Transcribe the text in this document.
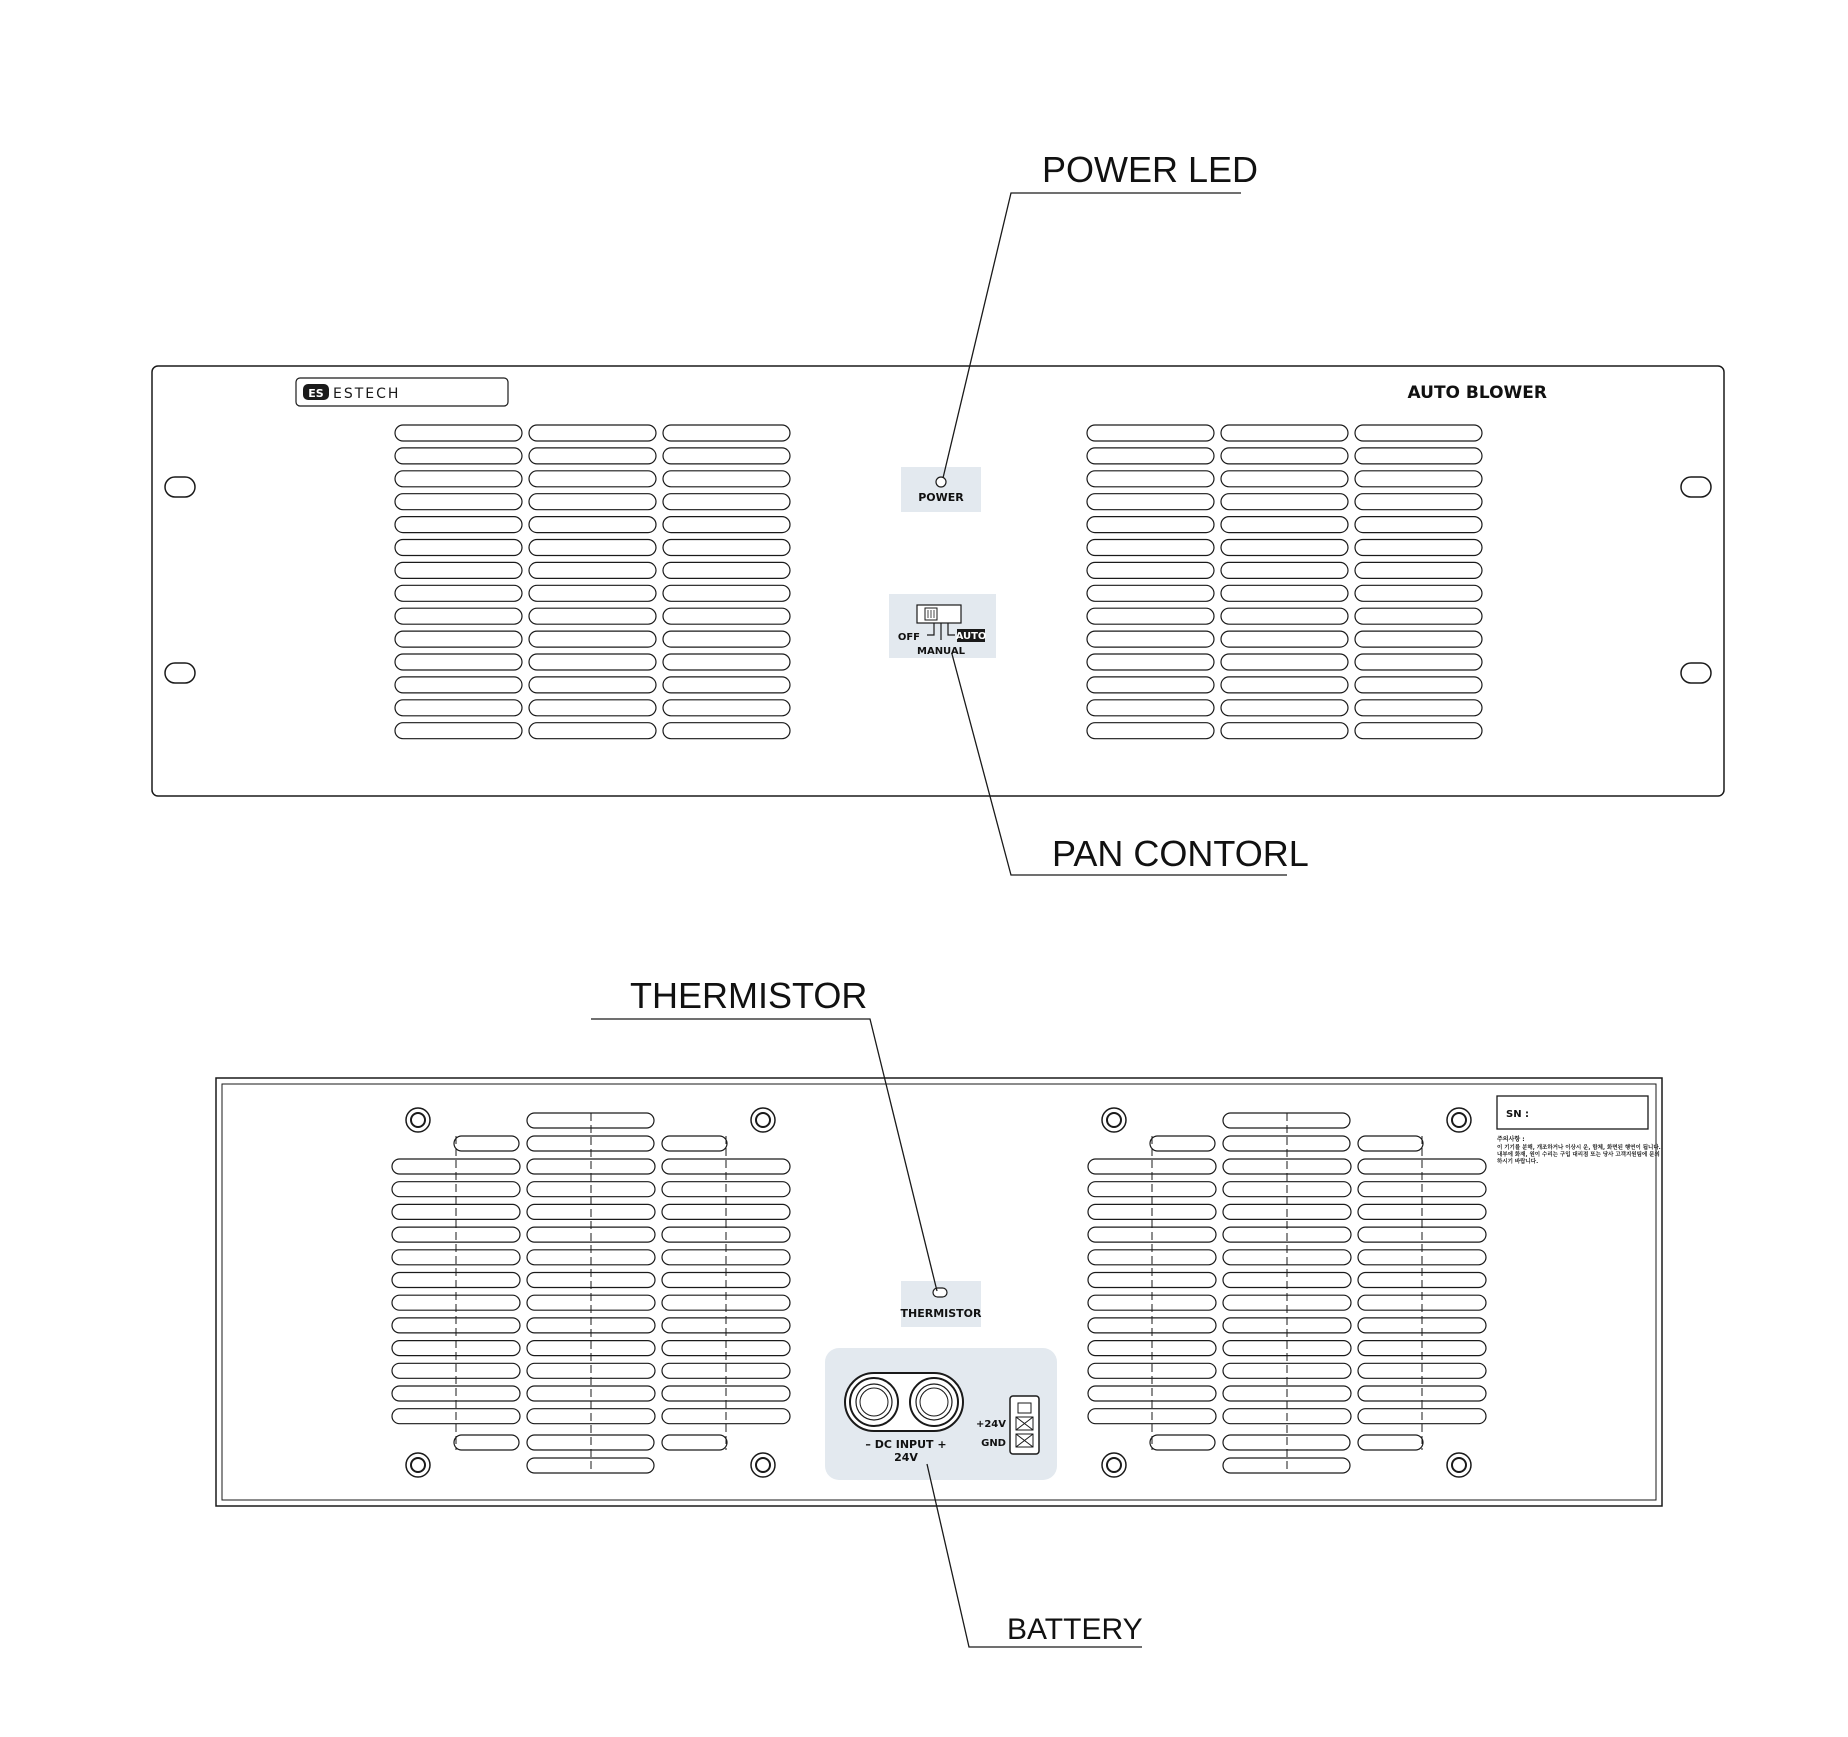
ES ESTECH	AUTO BLOWER
POWER
OFF
MANUAL
AUTO
POWER LED
PAN CONTORL
THERMISTOR
– DC INPUT +
24V
+24V
GND
SN :
주의사항 :
이 기기를 분해, 개조하거나 이상시 운, 함체, 화면된 행연이 됩니다.
내부에 화재, 원이 수리는 구입 대리점 또는 당사 고객지원팀에 문의
하시기 바랍니다.
THERMISTOR
BATTERY
